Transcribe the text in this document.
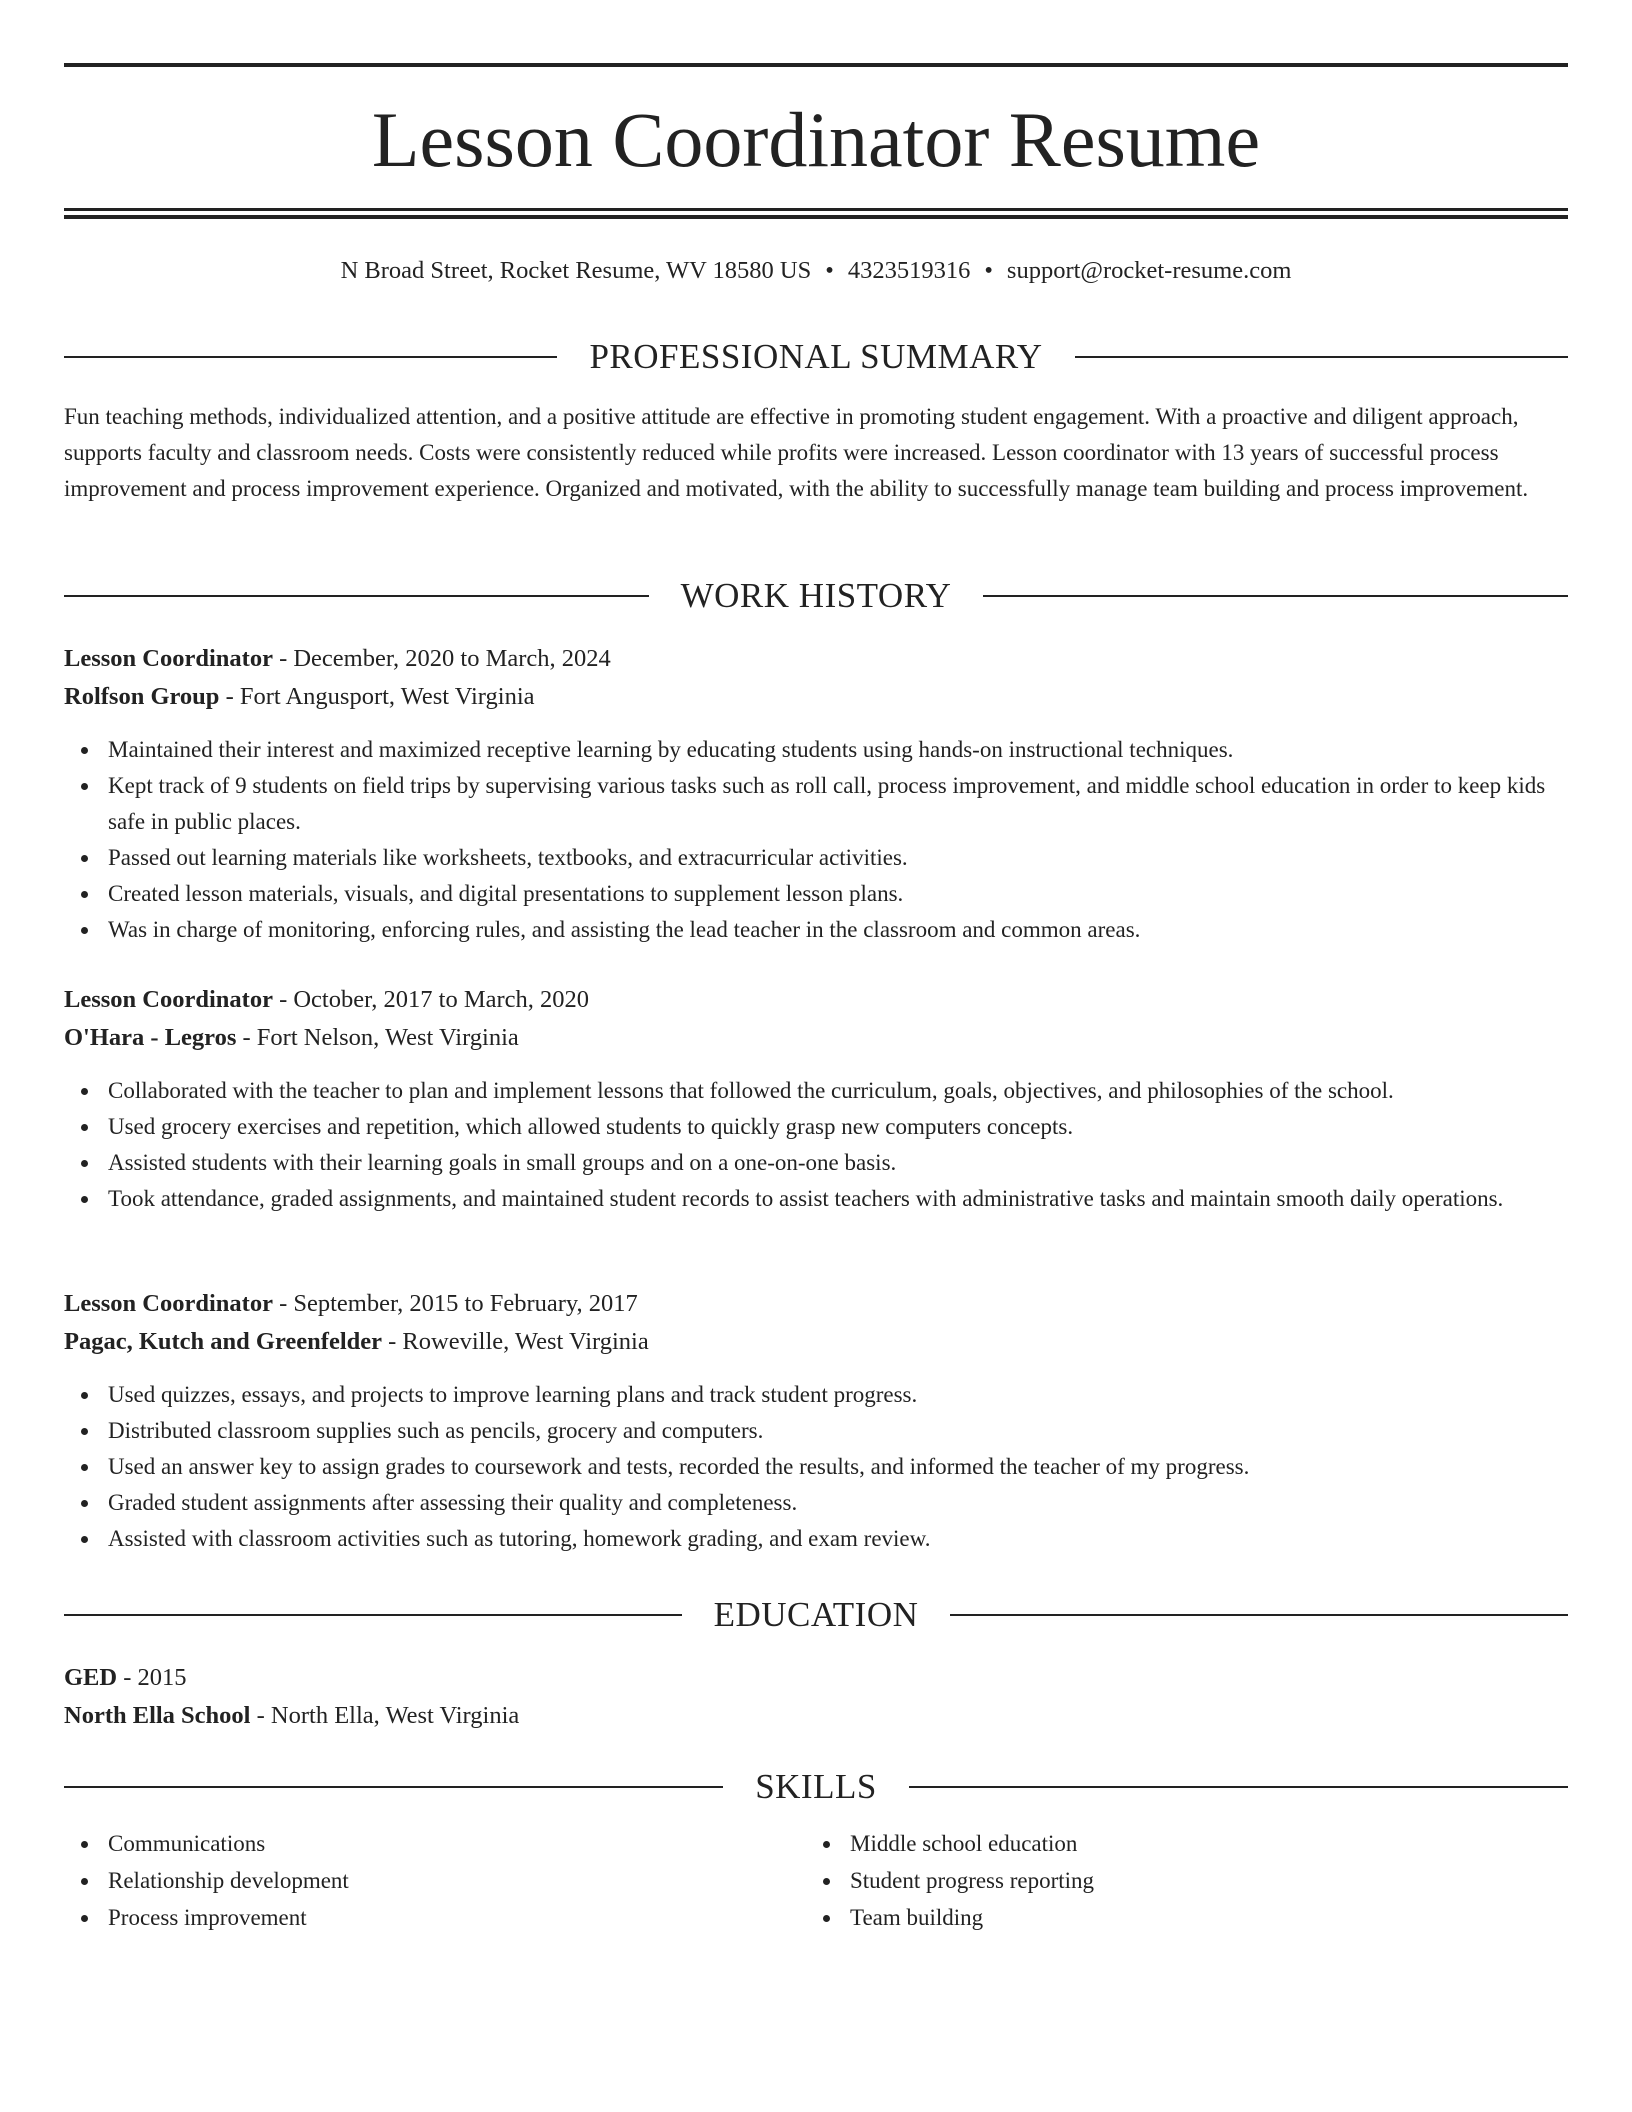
Lesson Coordinator Resume
N Broad Street, Rocket Resume, WV 18580 US • 4323519316 • support@rocket-resume.com
PROFESSIONAL SUMMARY

Fun teaching methods, individualized attention, and a positive attitude are effective in promoting student engagement. With a proactive and diligent approach, supports faculty and classroom needs. Costs were consistently reduced while profits were increased. Lesson coordinator with 13 years of successful process improvement and process improvement experience. Organized and motivated, with the ability to successfully manage team building and process improvement.

WORK HISTORY
Lesson Coordinator - December, 2020 to March, 2024
Rolfson Group - Fort Angusport, West Virginia
Maintained their interest and maximized receptive learning by educating students using hands-on instructional techniques.
Kept track of 9 students on field trips by supervising various tasks such as roll call, process improvement, and middle school education in order to keep kids safe in public places.
Passed out learning materials like worksheets, textbooks, and extracurricular activities.
Created lesson materials, visuals, and digital presentations to supplement lesson plans.
Was in charge of monitoring, enforcing rules, and assisting the lead teacher in the classroom and common areas.
Lesson Coordinator - October, 2017 to March, 2020
O'Hara - Legros - Fort Nelson, West Virginia
Collaborated with the teacher to plan and implement lessons that followed the curriculum, goals, objectives, and philosophies of the school.
Used grocery exercises and repetition, which allowed students to quickly grasp new computers concepts.
Assisted students with their learning goals in small groups and on a one-on-one basis.
Took attendance, graded assignments, and maintained student records to assist teachers with administrative tasks and maintain smooth daily operations.
Lesson Coordinator - September, 2015 to February, 2017
Pagac, Kutch and Greenfelder - Roweville, West Virginia
Used quizzes, essays, and projects to improve learning plans and track student progress.
Distributed classroom supplies such as pencils, grocery and computers.
Used an answer key to assign grades to coursework and tests, recorded the results, and informed the teacher of my progress.
Graded student assignments after assessing their quality and completeness.
Assisted with classroom activities such as tutoring, homework grading, and exam review.
EDUCATION
GED - 2015
North Ella School - North Ella, West Virginia
SKILLS
Communications
Relationship development
Process improvement
Middle school education
Student progress reporting
Team building
